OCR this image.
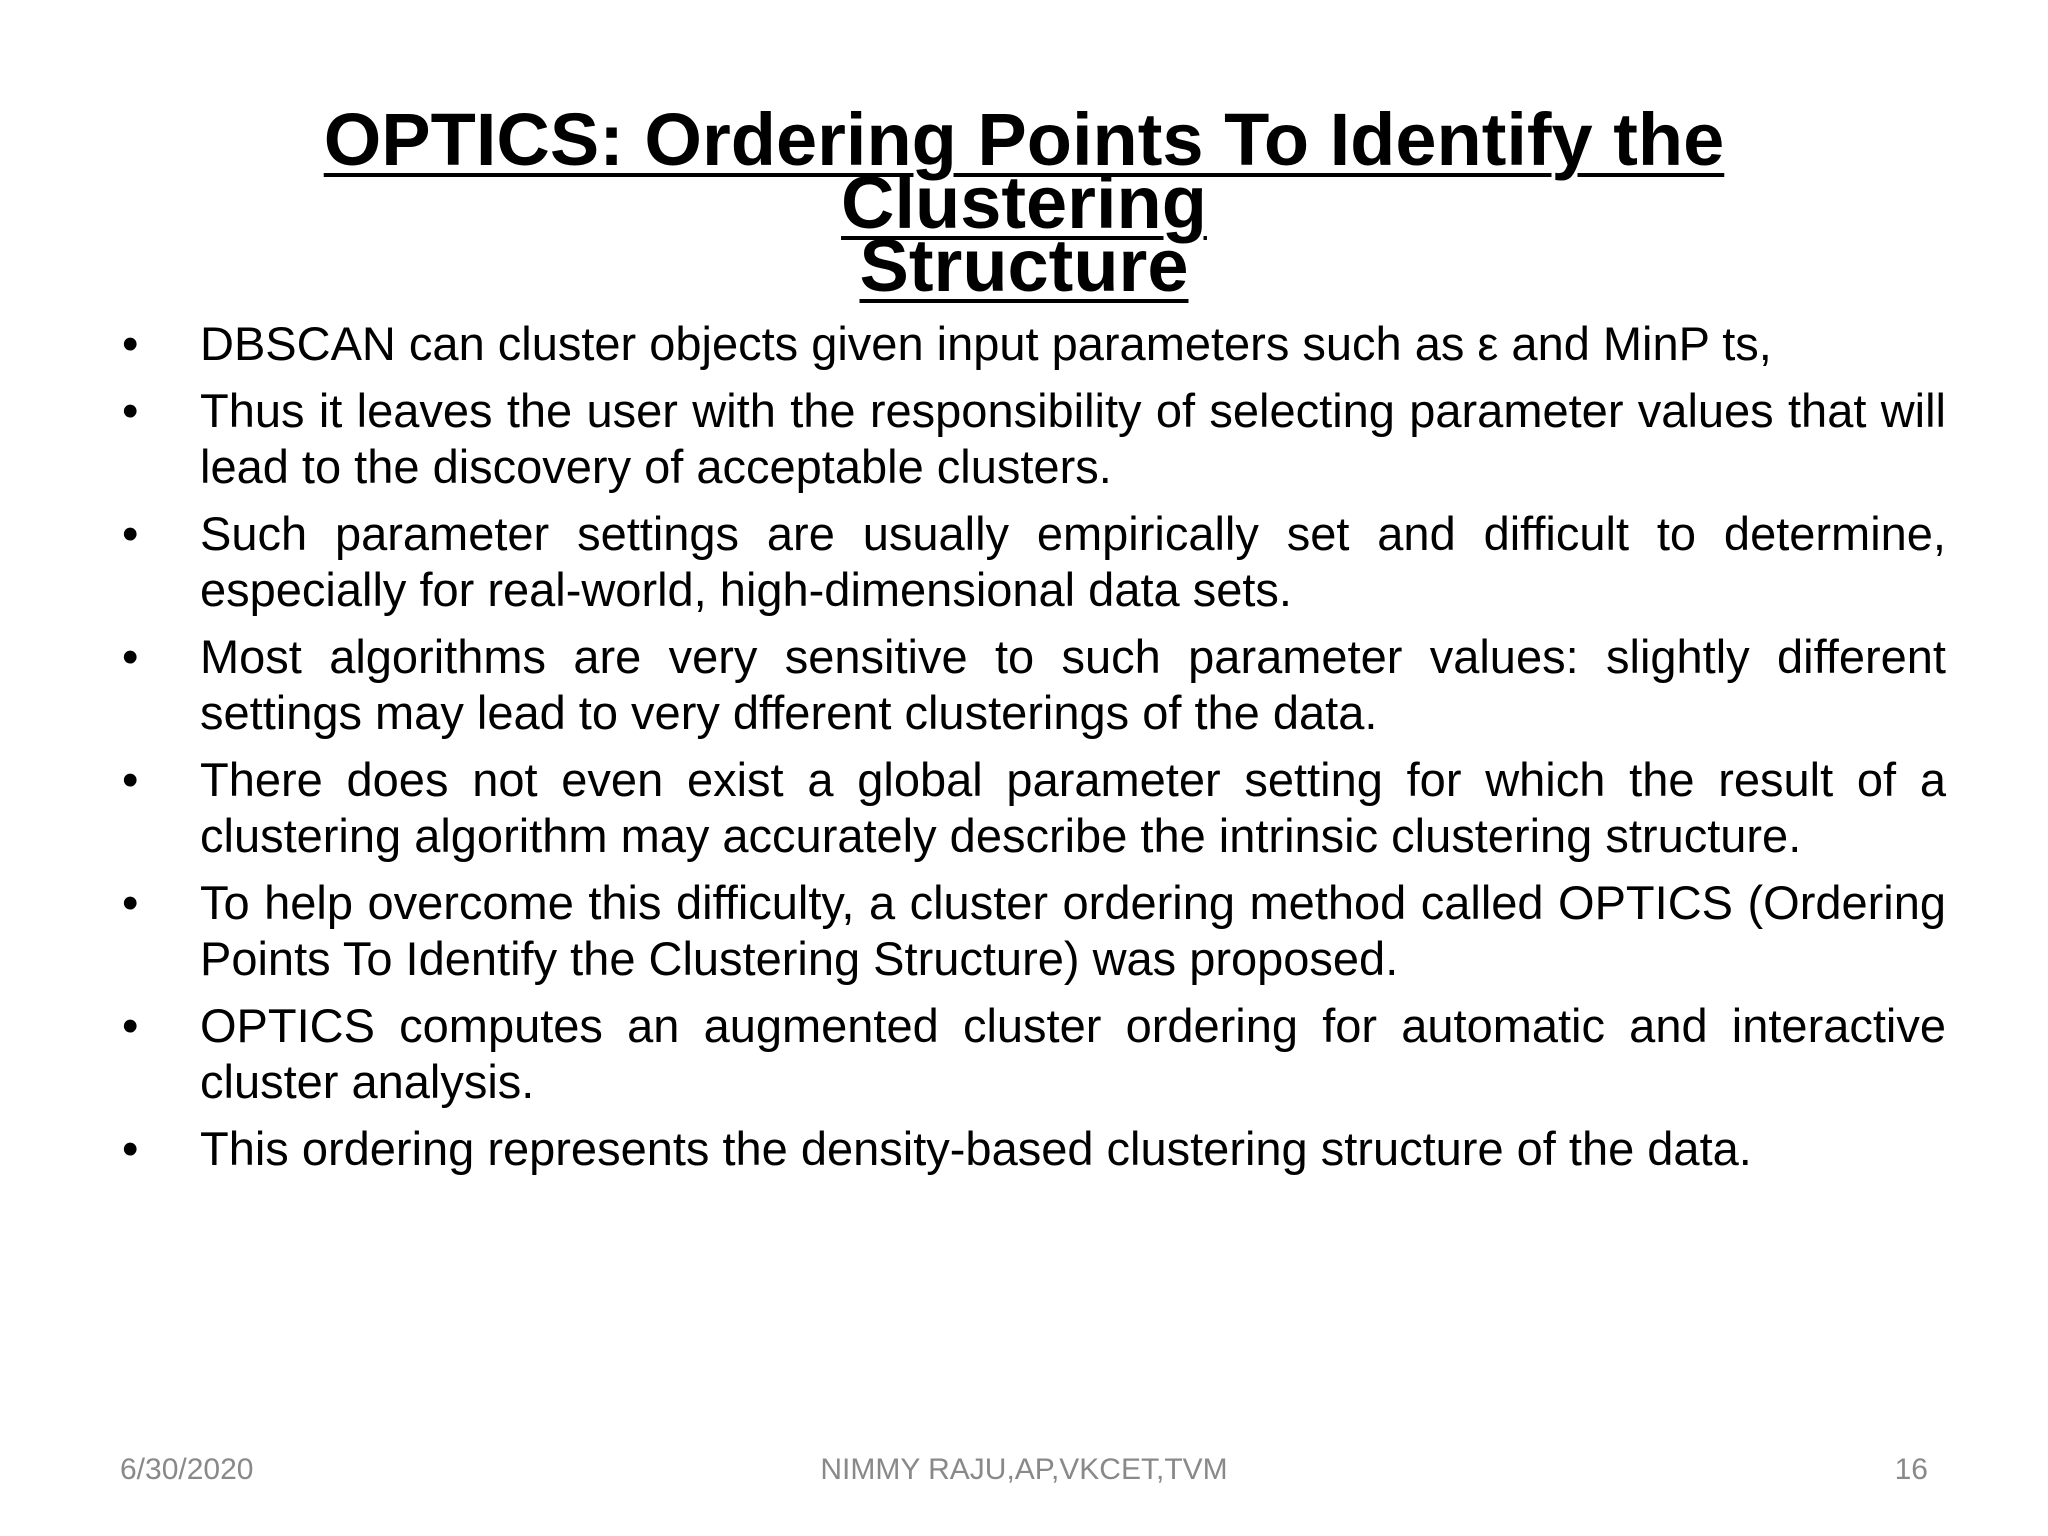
OPTICS: Ordering Points To Identify the Clustering
Structure
• DBSCAN can cluster objects given input parameters such as ε and MinP ts,
• Thus it leaves the user with the responsibility of selecting parameter values that will lead to the discovery of acceptable clusters.
• Such parameter settings are usually empirically set and difficult to determine, especially for real-world, high-dimensional data sets.
• Most algorithms are very sensitive to such parameter values: slightly different settings may lead to very dfferent clusterings of the data.
• There does not even exist a global parameter setting for which the result of a clustering algorithm may accurately describe the intrinsic clustering structure.
• To help overcome this difficulty, a cluster ordering method called OPTICS (Ordering Points To Identify the Clustering Structure) was proposed.
• OPTICS computes an augmented cluster ordering for automatic and interactive cluster analysis.
• This ordering represents the density-based clustering structure of the data.
6/30/2020	NIMMY RAJU,AP,VKCET,TVM	16
